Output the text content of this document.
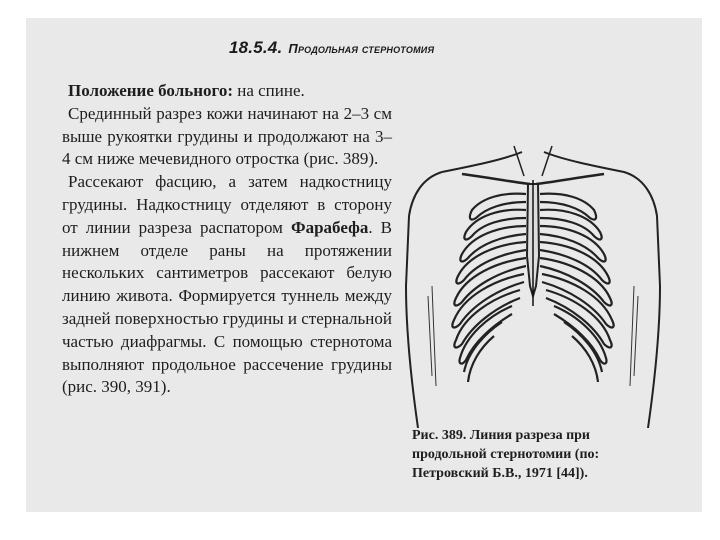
18.5.4. Продольная стернотомия

Положение больного: на спине.

Срединный разрез кожи начинают на 2–3 см выше рукоятки грудины и продолжают на 3–4 см ниже мечевидного отростка (рис. 389).

Рассекают фасцию, а затем надкостницу грудины. Надкостницу отделяют в сторону от линии разреза распатором Фарабефа. В нижнем отделе раны на протяжении нескольких сантиметров рассекают белую линию живота. Формируется туннель между задней поверхностью грудины и стернальной частью диафрагмы. С помощью стернотома выполняют продольное рассечение грудины (рис. 390, 391).

Рис. 389. Линия разреза при продольной стернотомии (по: Петровский Б.В., 1971 [44]).
